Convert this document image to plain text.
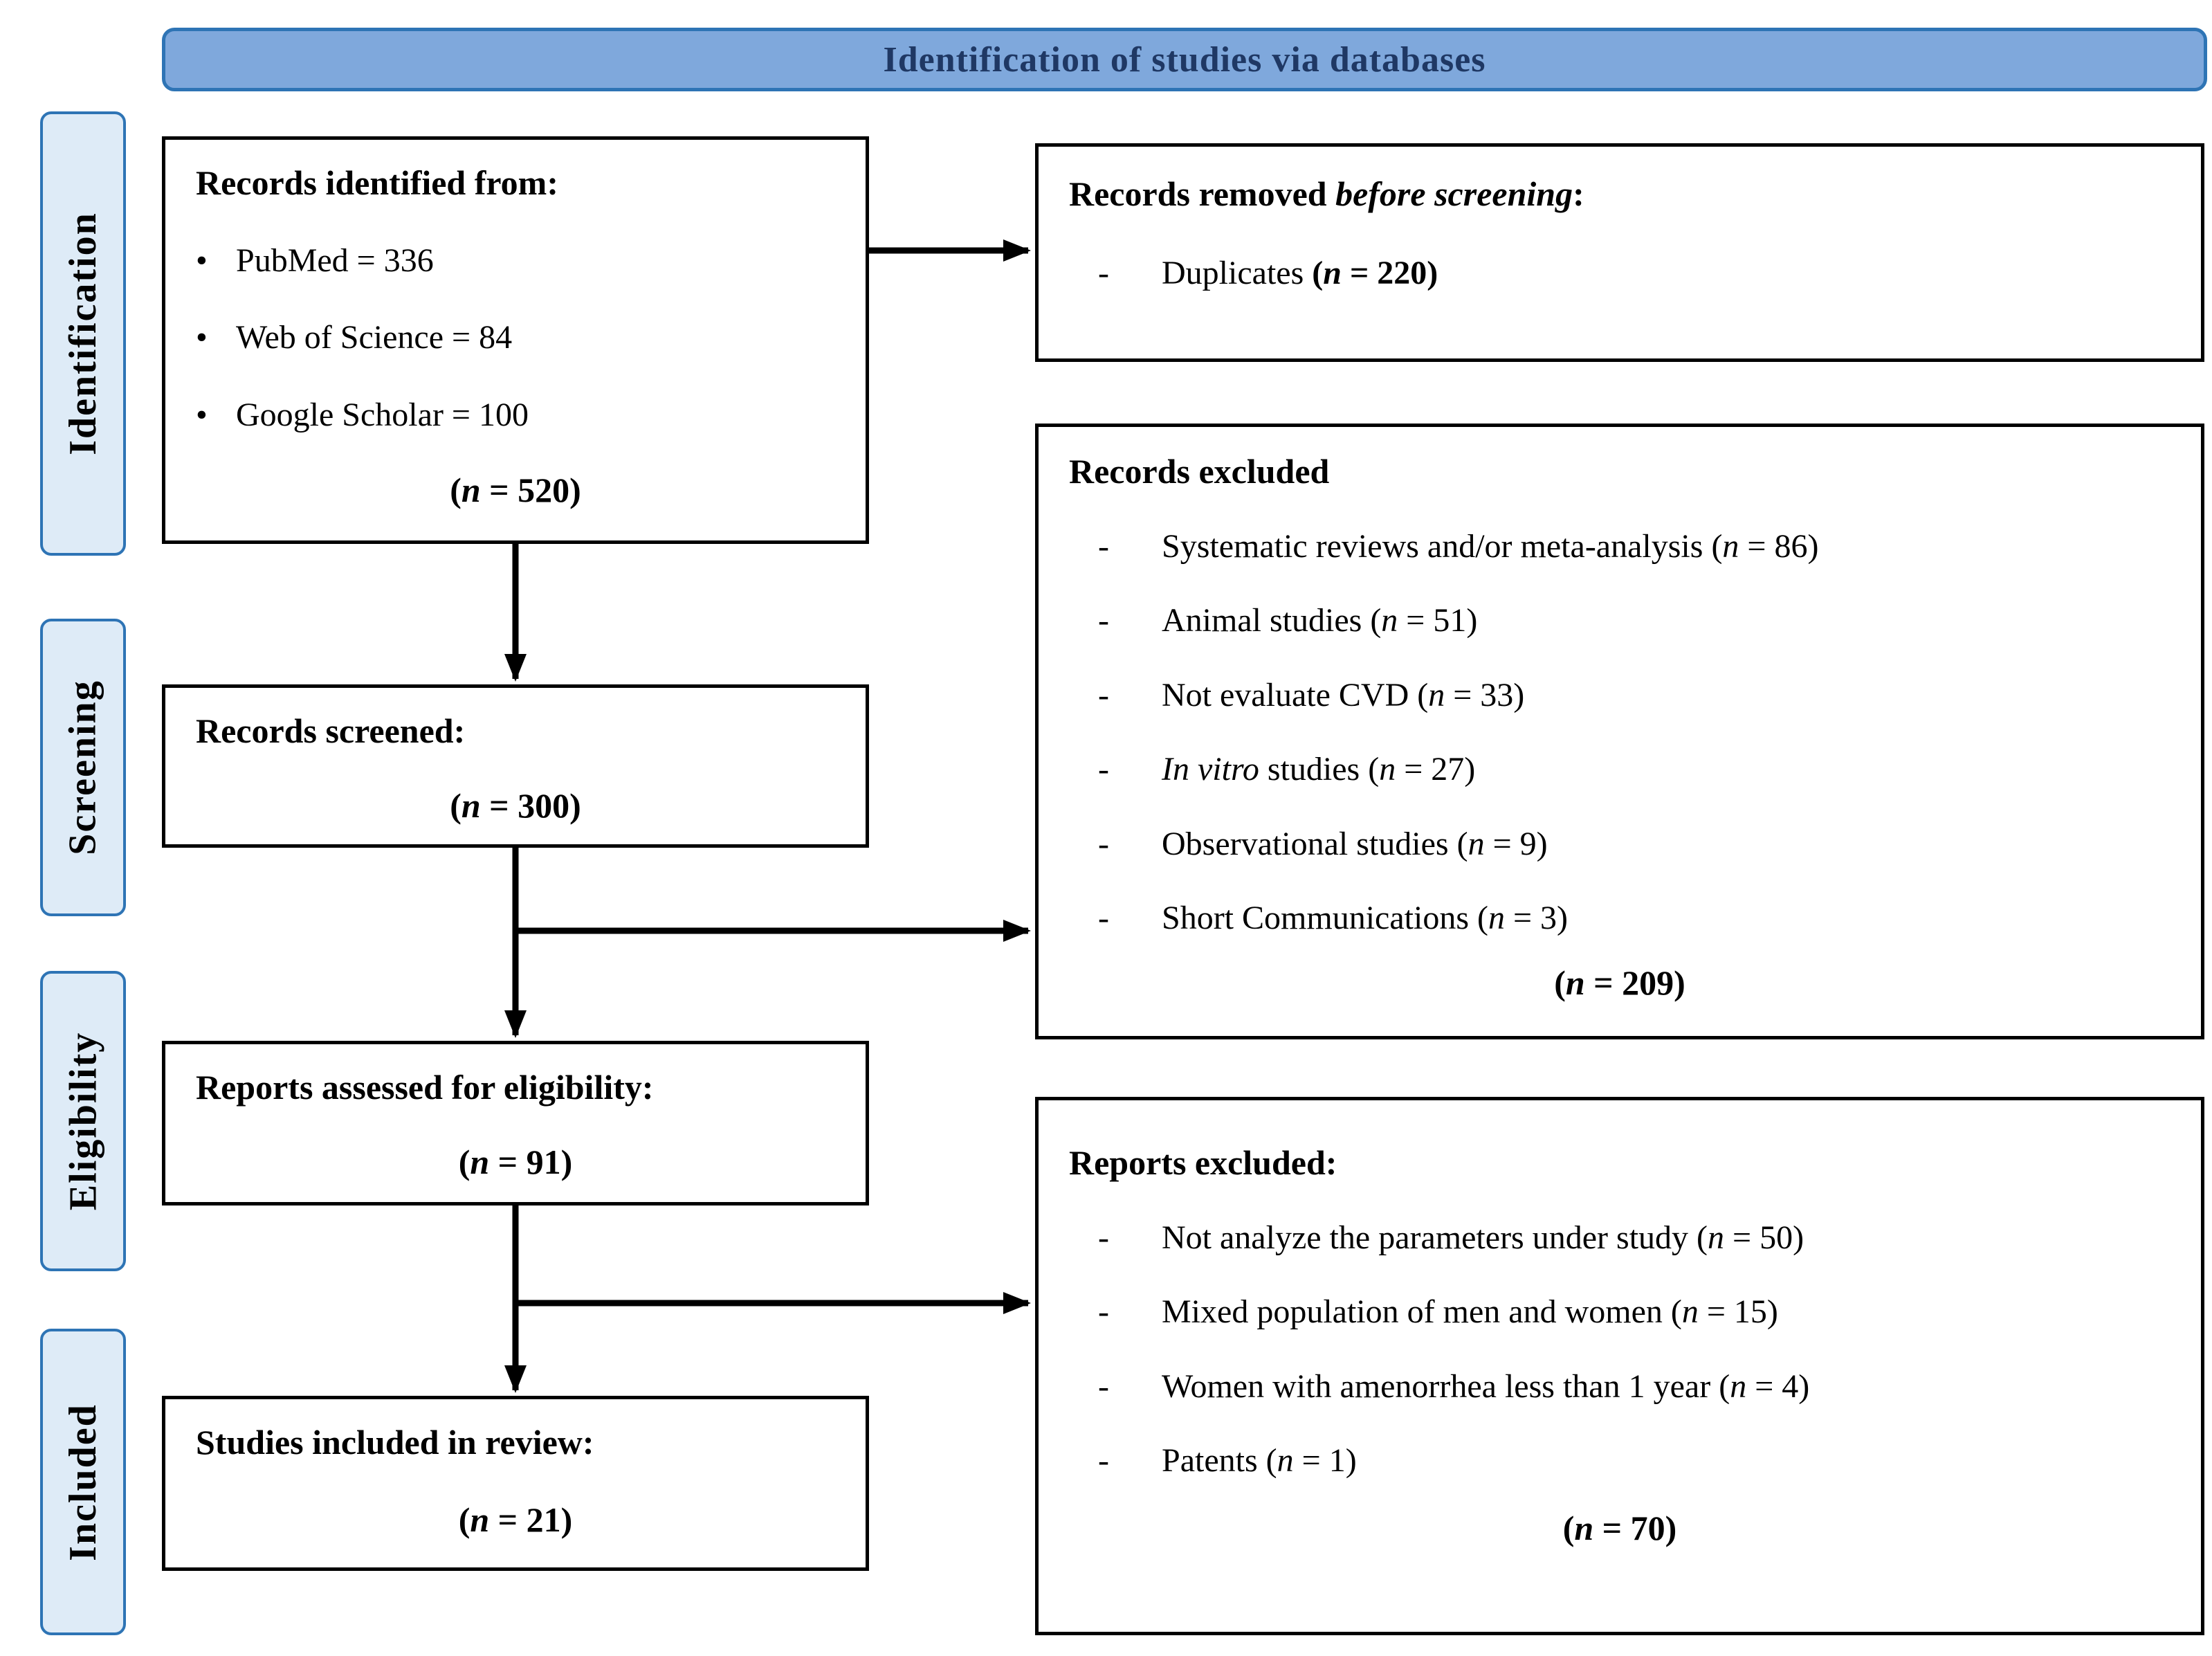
Identification of studies via databases
Identification
Screening
Eligibility
Included
Records identified from:
•
PubMed = 336
•
Web of Science = 84
•
Google Scholar = 100
(n = 520)
Records screened:
(n = 300)
Reports assessed for eligibility:
(n = 91)
Studies included in review:
(n = 21)
Records removed before screening:
-
Duplicates (n = 220)
Records excluded
-
Systematic reviews and/or meta-analysis (n = 86)
-
Animal studies (n = 51)
-
Not evaluate CVD (n = 33)
-
In vitro studies (n = 27)
-
Observational studies (n = 9)
-
Short Communications (n = 3)
(n = 209)
Reports excluded:
-
Not analyze the parameters under study (n = 50)
-
Mixed population of men and women (n = 15)
-
Women with amenorrhea less than 1 year (n = 4)
-
Patents (n = 1)
(n = 70)
